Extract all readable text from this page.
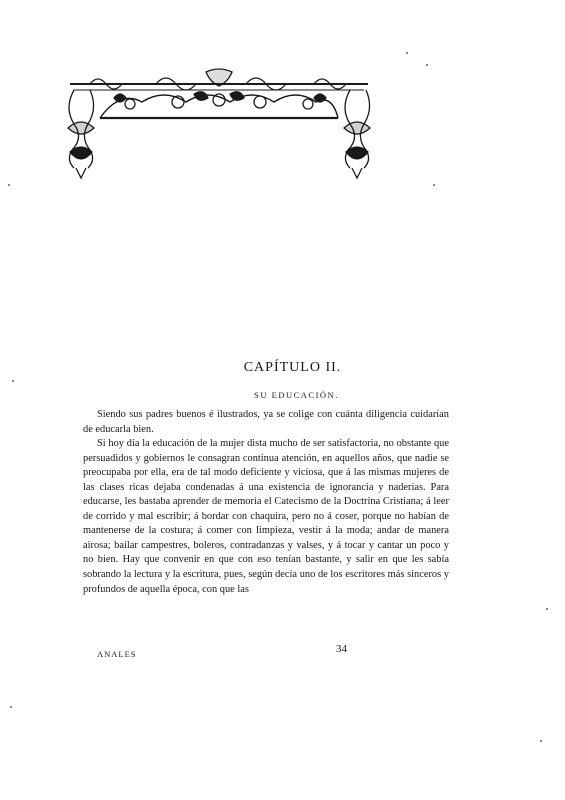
CAPÍTULO II.
SU EDUCACIÓN.

Siendo sus padres buenos é ilustrados, ya se colige con cuánta diligencia cuidarían de educarla bien.

Si hoy día la educación de la mujer dista mucho de ser satisfactoria, no obstante que persuadidos y gobiernos le consagran continua atención, en aquellos años, que nadie se preocupaba por ella, era de tal modo deficiente y viciosa, que á las mismas mujeres de las clases ricas dejaba condenadas á una existencia de ignorancia y naderías. Para educarse, les bastaba aprender de memoria el Catecismo de la Doctrina Cristiana; á leer de corrido y mal escribir; á bordar con chaquira, pero no á coser, porque no habían de mantenerse de la costura; á comer con limpieza, vestir á la moda; andar de manera airosa; bailar campestres, boleros, contradanzas y valses, y á tocar y cantar un poco y no bien. Hay que convenir en que con eso tenían bastante, y salir en que les sabía sobrando la lectura y la escritura, pues, según decía uno de los escritores más sinceros y profundos de aquella época, con que las

ANALES	34
